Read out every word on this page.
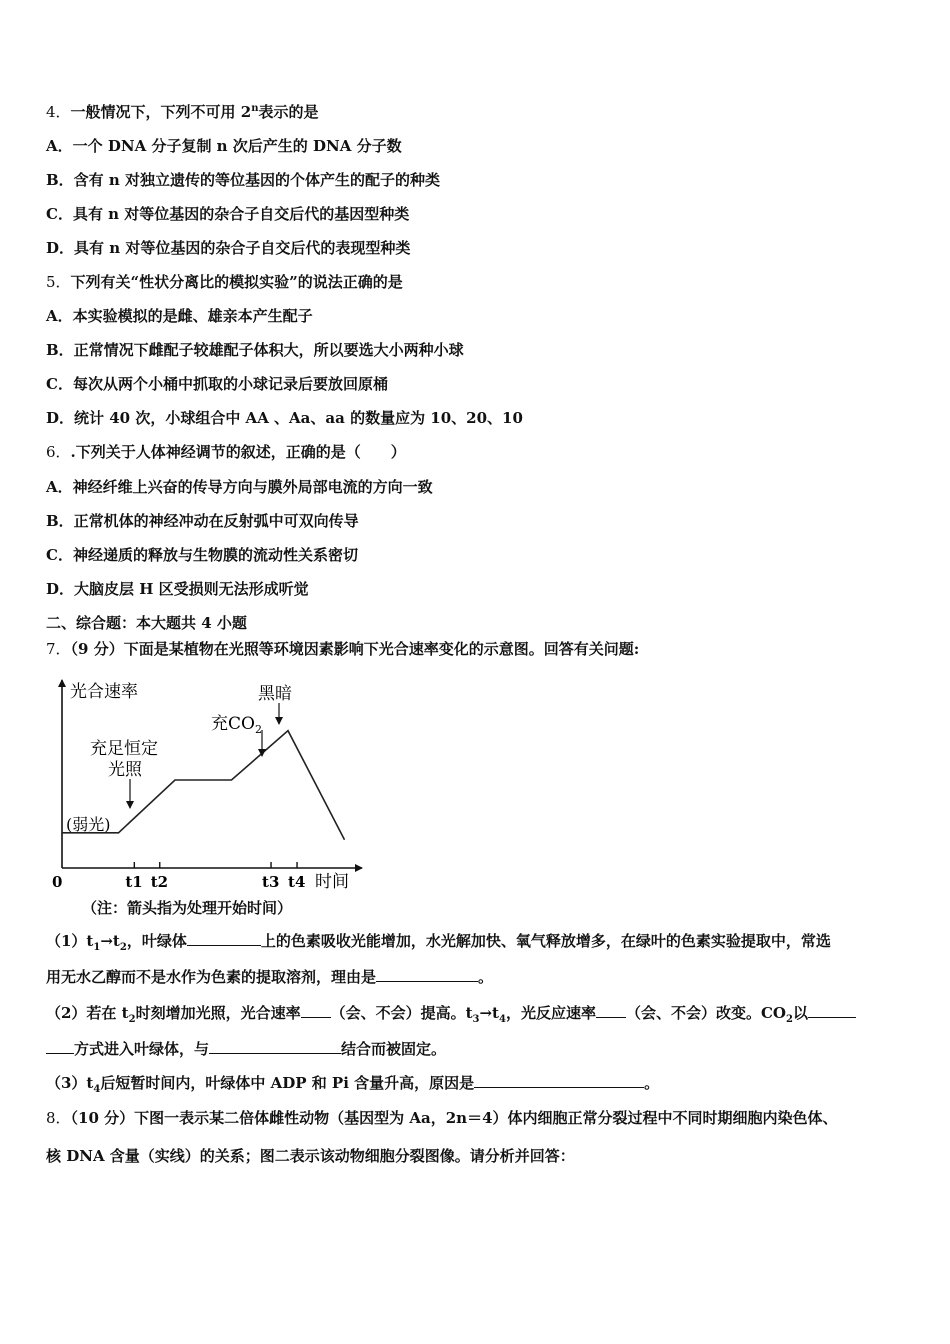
4．一般情况下，下列不可用 2$^n$表示的是
A．一个 DNA 分子复制 n 次后产生的 DNA 分子数
B．含有 n 对独立遗传的等位基因的个体产生的配子的种类
C．具有 n 对等位基因的杂合子自交后代的基因型种类
D．具有 n 对等位基因的杂合子自交后代的表现型种类
5．下列有关“性状分离比的模拟实验”的说法正确的是
A．本实验模拟的是雌、雄亲本产生配子
B．正常情况下雌配子较雄配子体积大，所以要选大小两种小球
C．每次从两个小桶中抓取的小球记录后要放回原桶
D．统计 40 次，小球组合中 AA 、Aa、aa 的数量应为 10、20、10
6．.下列关于人体神经调节的叙述，正确的是（　　）
A．神经纤维上兴奋的传导方向与膜外局部电流的方向一致
B．正常机体的神经冲动在反射弧中可双向传导
C．神经递质的释放与生物膜的流动性关系密切
D．大脑皮层 H 区受损则无法形成听觉
二、综合题：本大题共 4 小题
7．（9 分）下面是某植物在光照等环境因素影响下光合速率变化的示意图。回答有关问题:
光合速率
时间
0	t1 t2	t3 t4
(弱光)
充足恒定
光照
充$CO_2$
黑暗
（注：箭头指为处理开始时间）
$(1)t_1\to t_2$，叶绿体	上的色素吸收光能增加，水光解加快、氧气释放增多，在绿叶的色素实验提取中，常选
用无水乙醇而不是水作为色素的提取溶剂，理由是	。
（2）若在 $t_2$时刻增加光照，光合速率 （会、不会）提高。$t_3\to t_4$，光反应速率 （会、不会）改变。$CO_2$以
方式进入叶绿体，与	结合而被固定。
$(3)t_4$后短暂时间内，叶绿体中 ADP 和 Pi 含量升高，原因是	。
8．（10 分）下图一表示某二倍体雌性动物（基因型为 Aa，2n＝4）体内细胞正常分裂过程中不同时期细胞内染色体、
核 DNA 含量（实线）的关系；图二表示该动物细胞分裂图像。请分析并回答：
